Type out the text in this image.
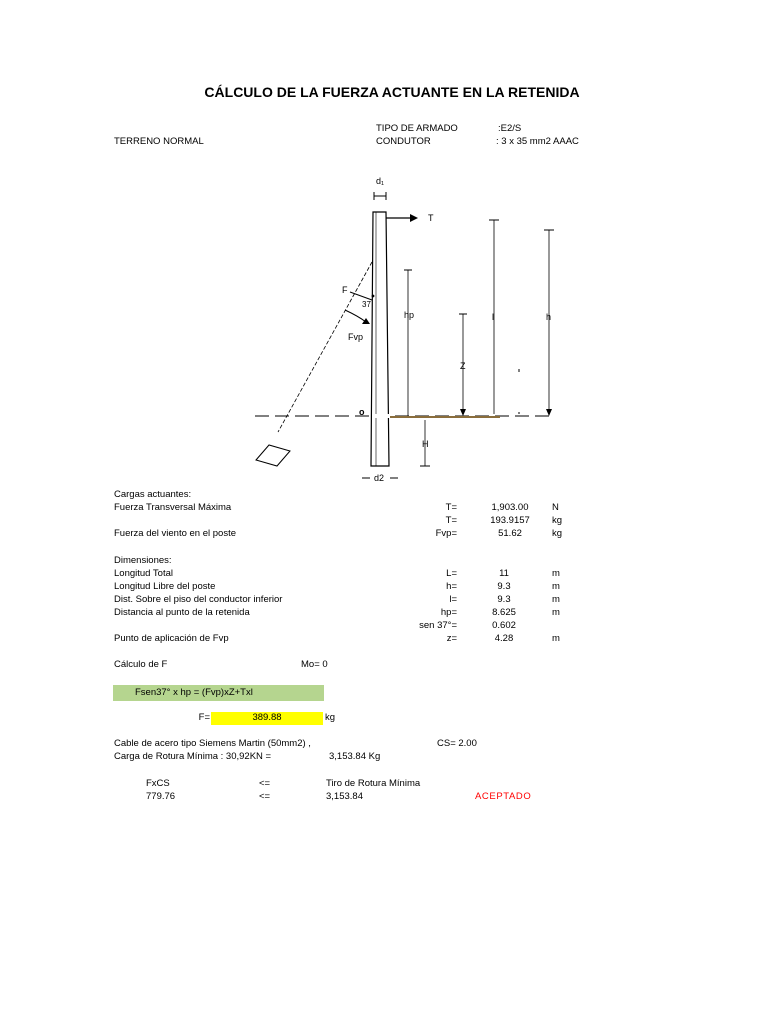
CÁLCULO DE LA FUERZA ACTUANTE EN LA RETENIDA
TIPO DE ARMADO	:E2/S
TERRENO NORMAL	CONDUTOR	: 3 x 35 mm2 AAAC
d₁
T
F
37
Fvp
hp
Z
l	h
H
o
d2
Cargas actuantes:
Fuerza Transversal Máxima	T=	1,903.00	N
T=	193.9157	kg
Fuerza del viento en el poste	Fvp=	51.62	kg
Dimensiones:
Longitud Total	L=	11	m
Longitud Libre del poste	h=	9.3	m
Dist. Sobre el piso del conductor inferior	l=	9.3	m
Distancia al punto de la retenida	hp=	8.625	m
sen 37°=	0.602
Punto de aplicación de Fvp	z=	4.28	m
Cálculo de F	Mo= 0
Fsen37° x hp = (Fvp)xZ+Txl
F=	389.88	kg
Cable de acero tipo Siemens Martin (50mm2) ,	CS= 2.00
Carga de Rotura Mínima : 30,92KN =	3,153.84 Kg
FxCS	<=	Tiro de Rotura Mínima
779.76	<=	3,153.84	ACEPTADO
